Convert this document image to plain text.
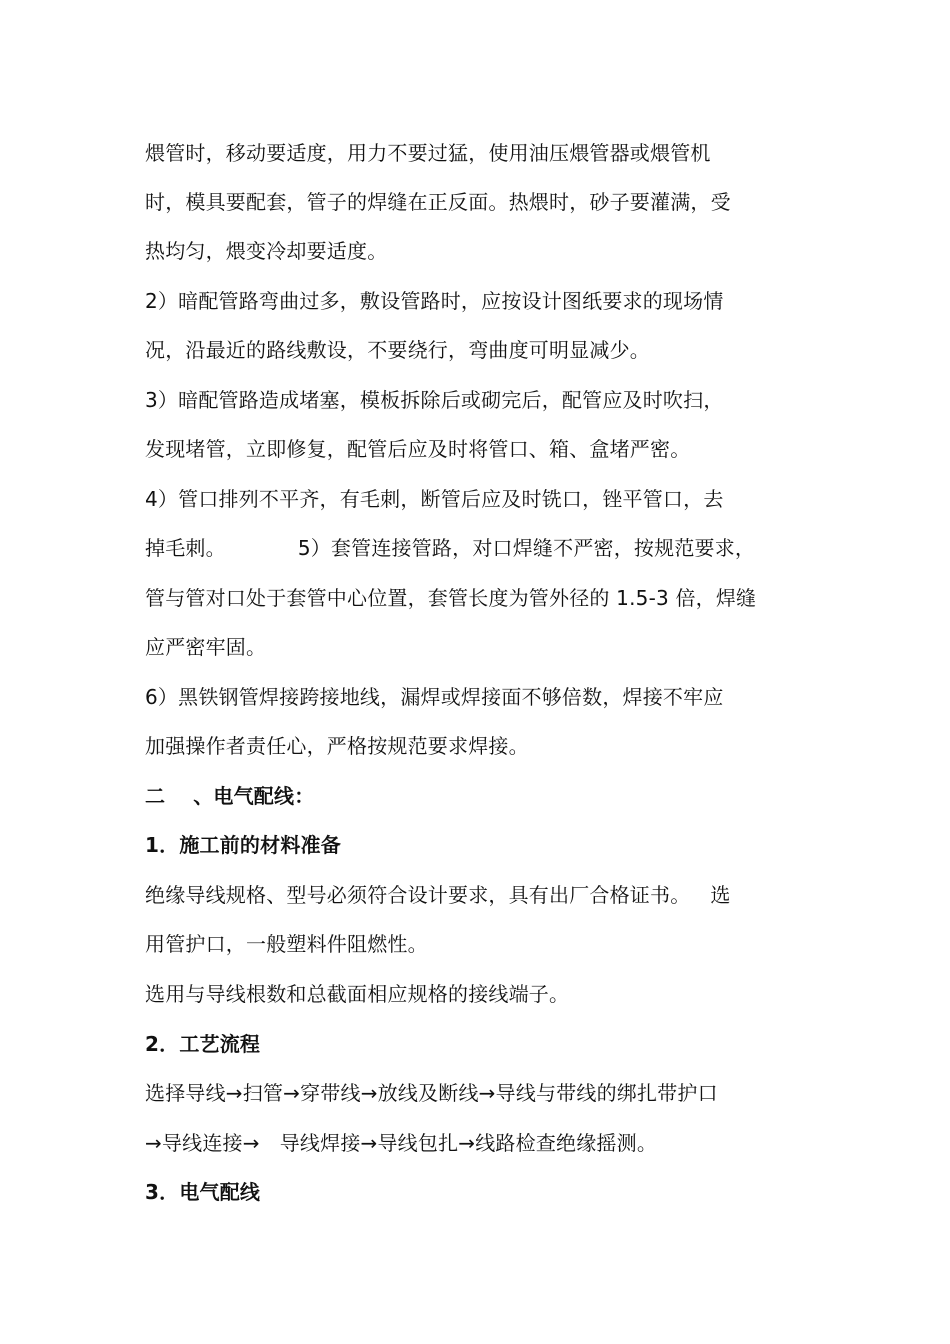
煨管时，移动要适度，用力不要过猛，使用油压煨管器或煨管机
时，模具要配套，管子的焊缝在正反面。热煨时，砂子要灌满，受
热均匀，煨变冷却要适度。
2）暗配管路弯曲过多，敷设管路时，应按设计图纸要求的现场情
况，沿最近的路线敷设，不要绕行，弯曲度可明显减少。
3）暗配管路造成堵塞，模板拆除后或砌完后，配管应及时吹扫，
发现堵管，立即修复，配管后应及时将管口、箱、盒堵严密。
4）管口排列不平齐，有毛刺，断管后应及时铣口，锉平管口，去
掉毛刺。	5）套管连接管路，对口焊缝不严密，按规范要求，
管与管对口处于套管中心位置，套管长度为管外径的 1.5-3 倍，焊缝
应严密牢固。
6）黑铁钢管焊接跨接地线，漏焊或焊接面不够倍数，焊接不牢应
加强操作者责任心，严格按规范要求焊接。
二 、电气配线：
1．施工前的材料准备
绝缘导线规格、型号必须符合设计要求，具有出厂合格证书。 选
用管护口，一般塑料件阻燃性。
选用与导线根数和总截面相应规格的接线端子。
2．工艺流程
选择导线→扫管→穿带线→放线及断线→导线与带线的绑扎带护口
→导线连接→ 导线焊接→导线包扎→线路检查绝缘摇测。
3．电气配线
